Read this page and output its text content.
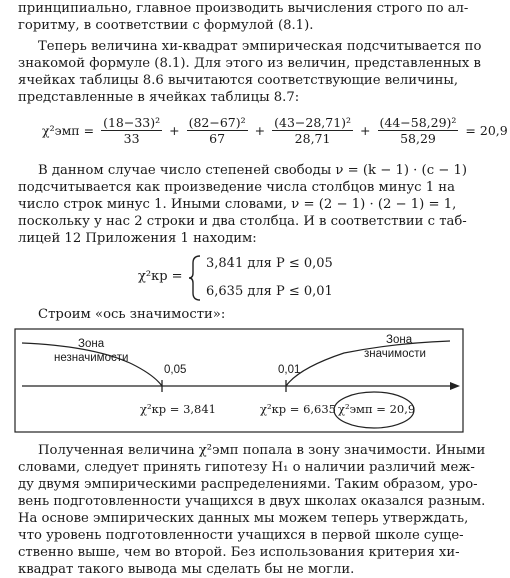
принципиально, главное производить вычисления строго по ал-
горитму, в соответствии с формулой (8.1).
Теперь величина хи-квадрат эмпирическая подсчитывается по
знакомой формуле (8.1). Для этого из величин, представленных в
ячейках таблицы 8.6 вычитаются соответствующие величины,
представленные в ячейках таблицы 8.7:
$\chi^2эмп = \frac{\text{(18−33)²}}{33} + \frac{\text{(82−67)²}}{67} + \frac{\text{(43−28,71)²}}{28,71} + \frac{\text{(44−58,29)²}}{58,29} = 20,9$
В данном случае число степеней свободы ν = (k − 1) · (c − 1)
подсчитывается как произведение числа столбцов минус 1 на
число строк минус 1. Иными словами, ν = (2 − 1) · (2 − 1) = 1,
поскольку у нас 2 строки и два столбца. И в соответствии с таб-
лицей 12 Приложения 1 находим:
χ²кр =
3,841 для P ≤ 0,05
6,635 для P ≤ 0,01
Строим «ось значимости»:
Зона
незначимости
0,05	0,01
Зона
значимости
χ²кр = 3,841	χ²кр = 6,635 χ²эмп = 20,9
Полученная величина χ²эмп попала в зону значимости. Иными
словами, следует принять гипотезу H₁ о наличии различий меж-
ду двумя эмпирическими распределениями. Таким образом, уро-
вень подготовленности учащихся в двух школах оказался разным.
На основе эмпирических данных мы можем теперь утверждать,
что уровень подготовленности учащихся в первой школе суще-
ственно выше, чем во второй. Без использования критерия хи-
квадрат такого вывода мы сделать бы не могли.
